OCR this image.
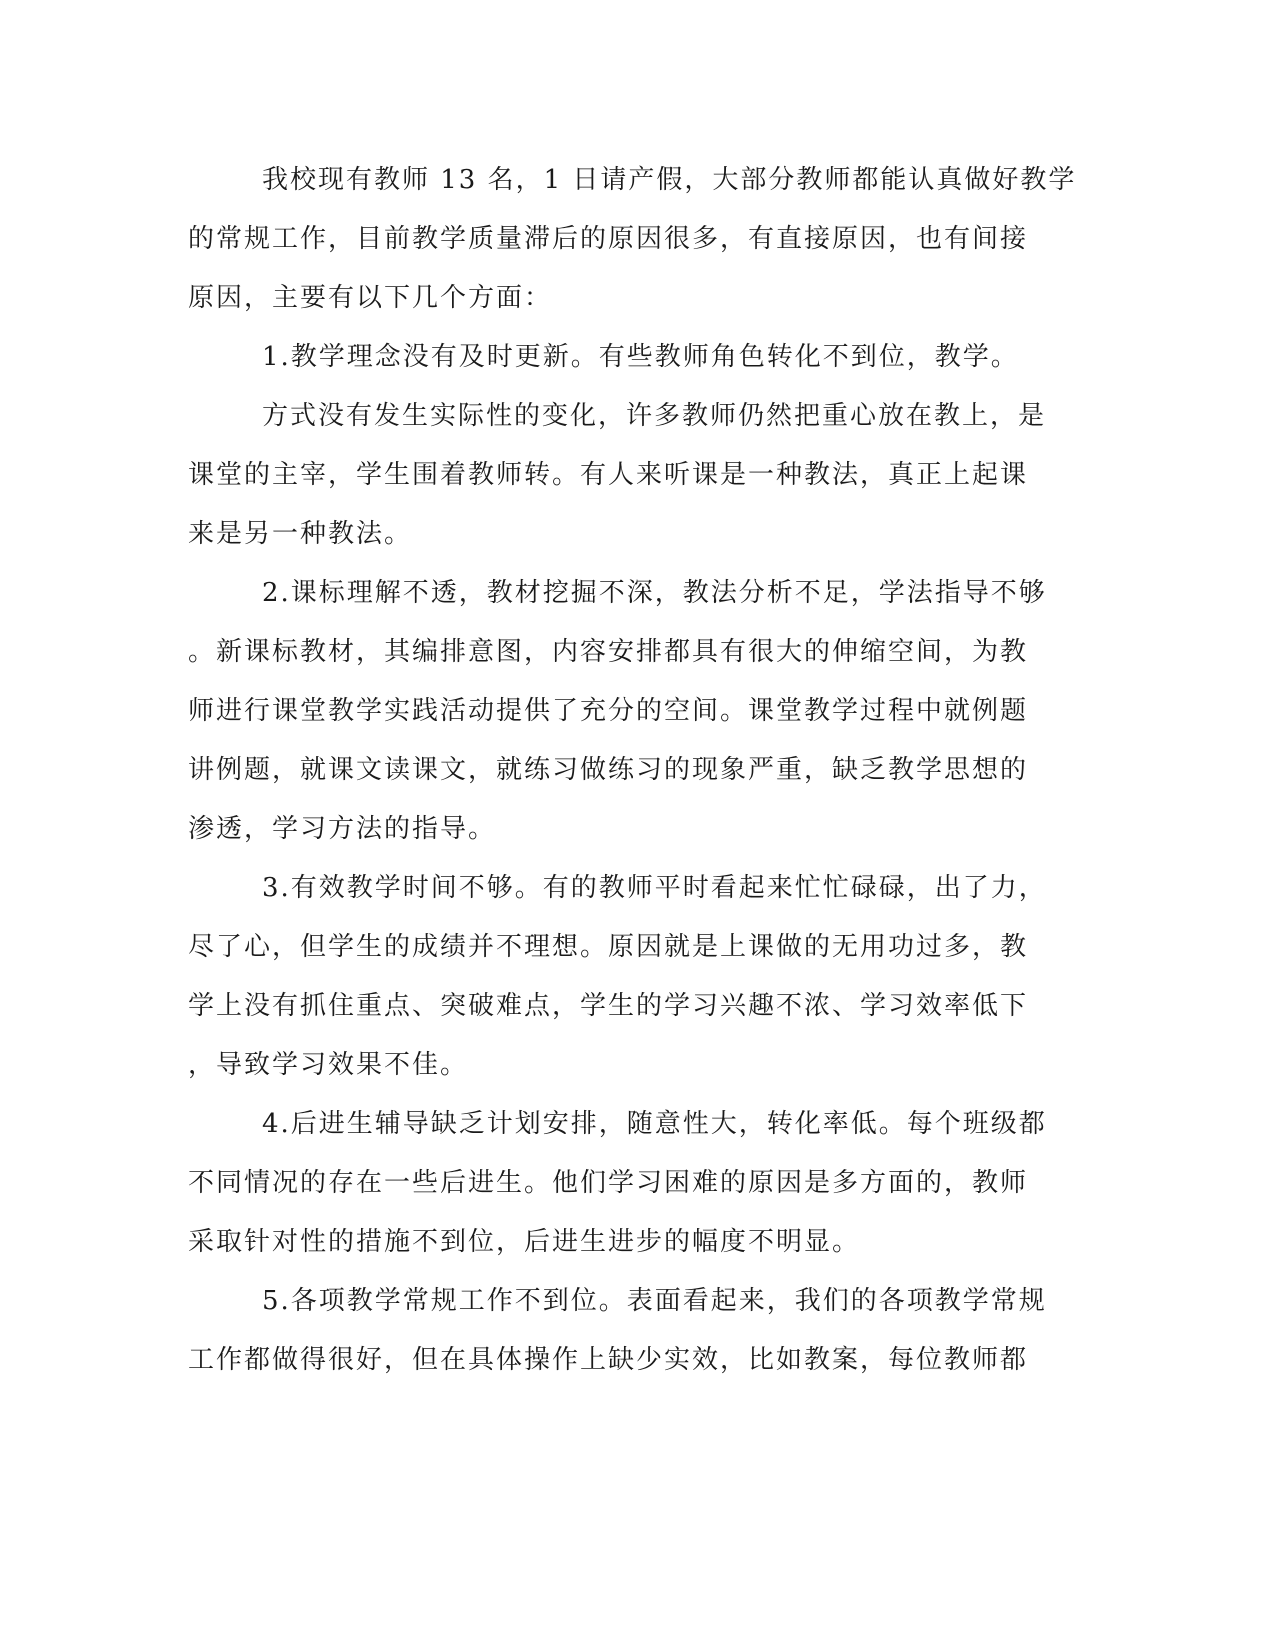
我校现有教师 13 名，1 日请产假，大部分教师都能认真做好教学

的常规工作，目前教学质量滞后的原因很多，有直接原因，也有间接

原因，主要有以下几个方面：

1.教学理念没有及时更新。有些教师角色转化不到位，教学。

方式没有发生实际性的变化，许多教师仍然把重心放在教上，是

课堂的主宰，学生围着教师转。有人来听课是一种教法，真正上起课

来是另一种教法。

2.课标理解不透，教材挖掘不深，教法分析不足，学法指导不够

。新课标教材，其编排意图，内容安排都具有很大的伸缩空间，为教

师进行课堂教学实践活动提供了充分的空间。课堂教学过程中就例题

讲例题，就课文读课文，就练习做练习的现象严重，缺乏教学思想的

渗透，学习方法的指导。

3.有效教学时间不够。有的教师平时看起来忙忙碌碌，出了力，

尽了心，但学生的成绩并不理想。原因就是上课做的无用功过多，教

学上没有抓住重点、突破难点，学生的学习兴趣不浓、学习效率低下

，导致学习效果不佳。

4.后进生辅导缺乏计划安排，随意性大，转化率低。每个班级都

不同情况的存在一些后进生。他们学习困难的原因是多方面的，教师

采取针对性的措施不到位，后进生进步的幅度不明显。

5.各项教学常规工作不到位。表面看起来，我们的各项教学常规

工作都做得很好，但在具体操作上缺少实效，比如教案，每位教师都
